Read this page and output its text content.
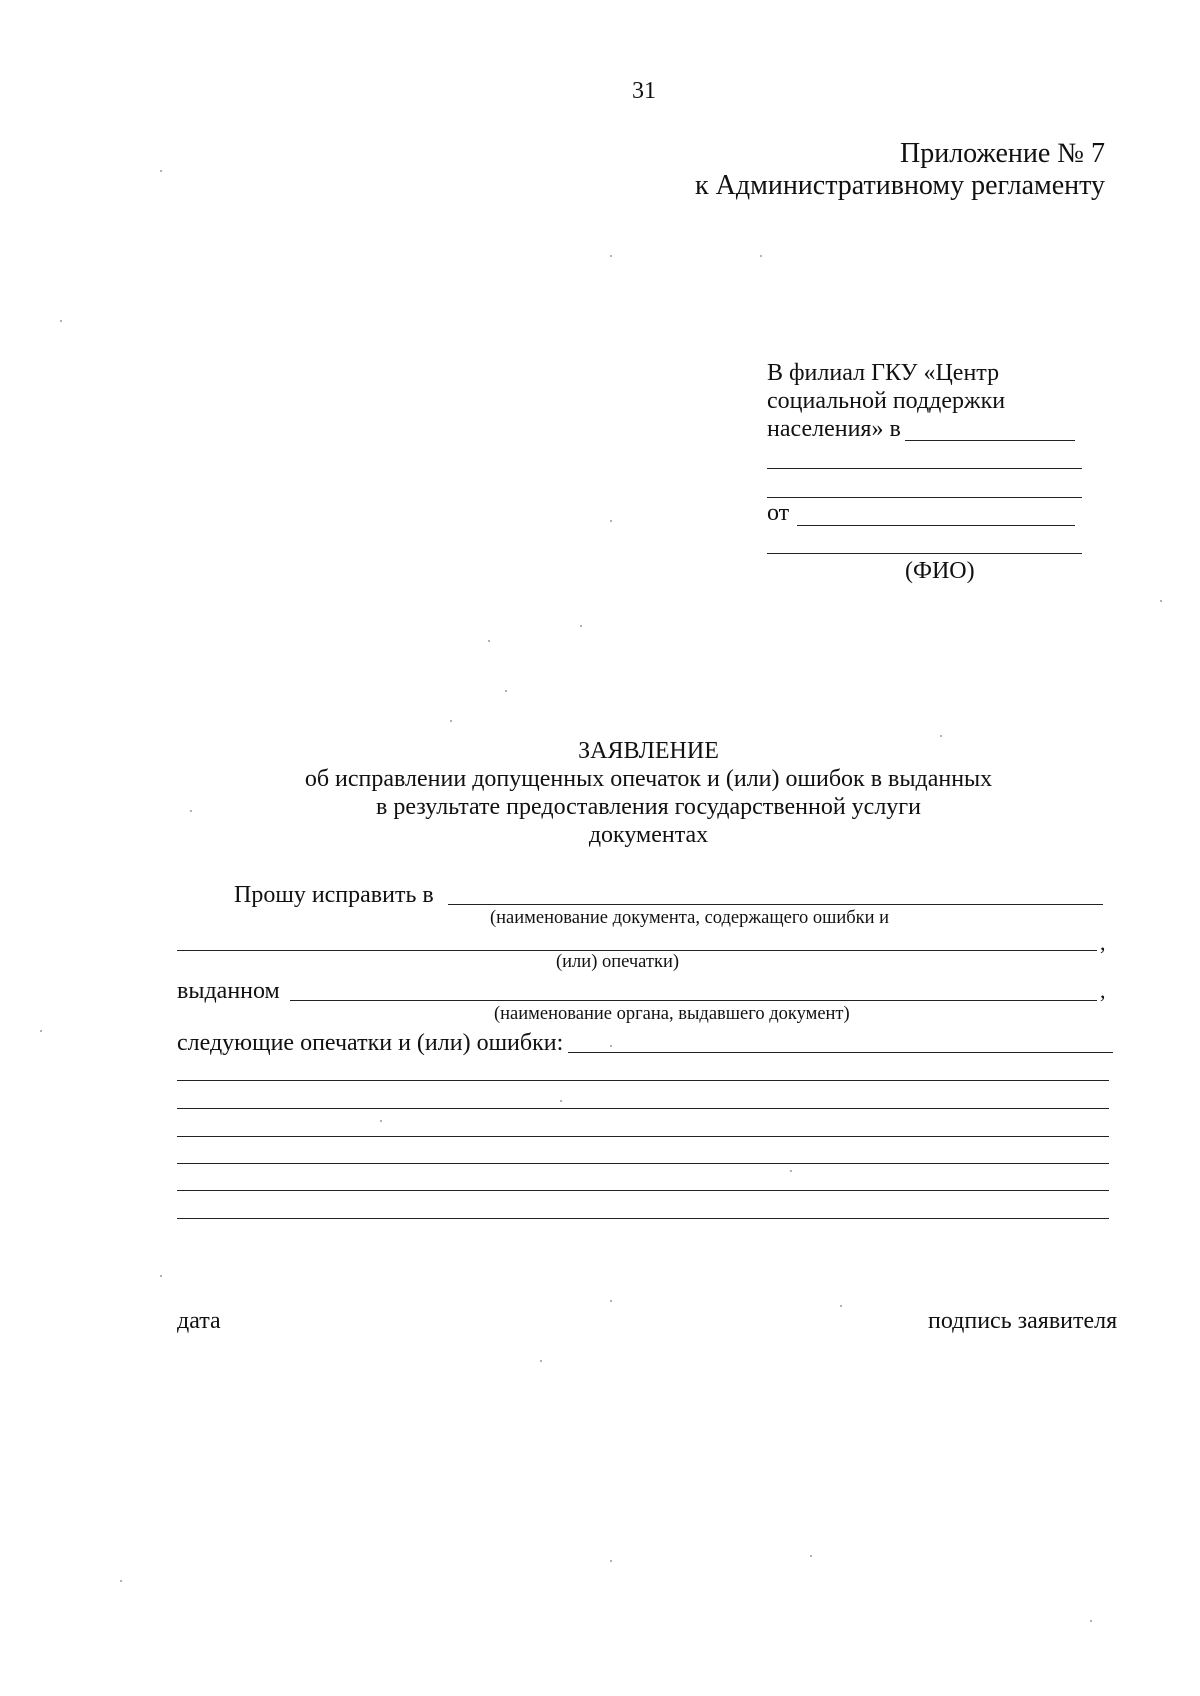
31
Приложение № 7
к Административному регламенту
В филиал ГКУ «Центр
социальной поддержки
населения» в
от
(ФИО)
ЗАЯВЛЕНИЕ
об исправлении допущенных опечаток и (или) ошибок в выданных
в результате предоставления государственной услуги
документах
Прошу исправить в
(наименование документа, содержащего ошибки и
,
(или) опечатки)
выданном	,
(наименование органа, выдавшего документ)
следующие опечатки и (или) ошибки:
дата	подпись заявителя
